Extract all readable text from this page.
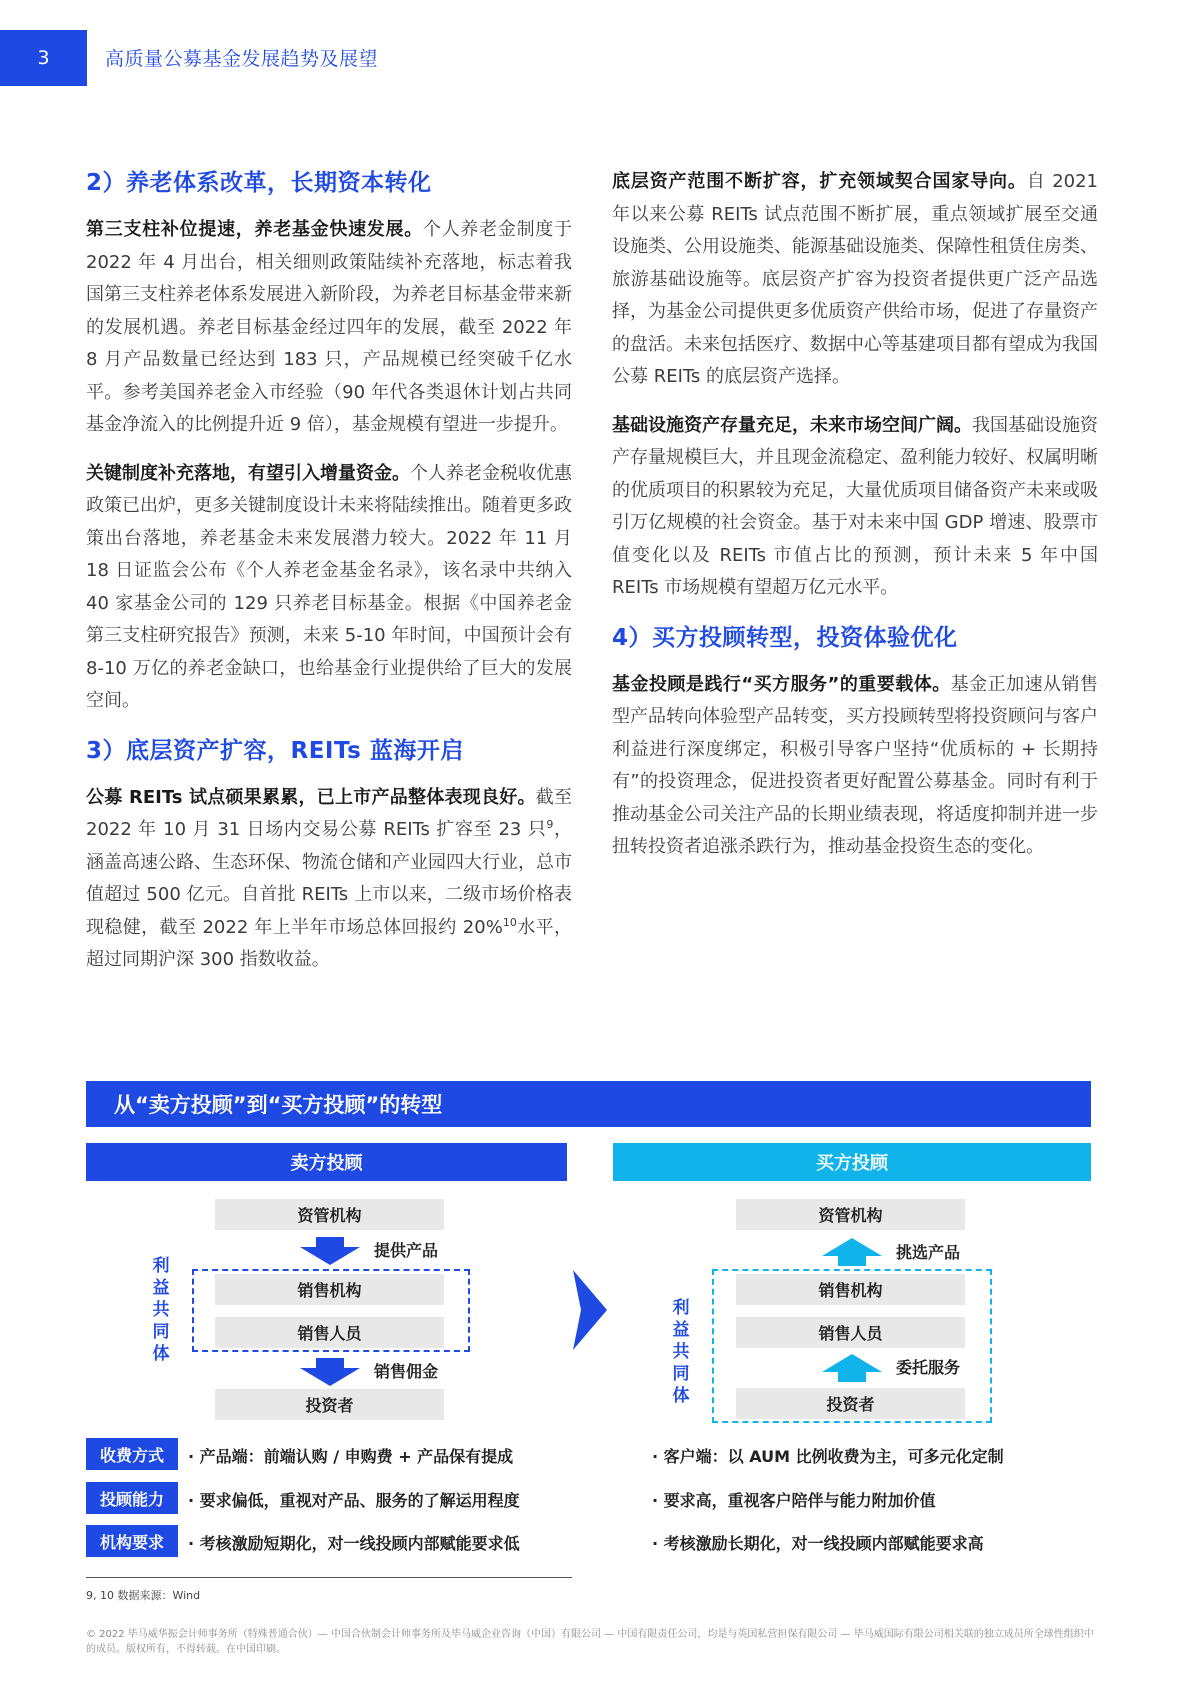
3	高质量公募基金发展趋势及展望
2）养老体系改革，长期资本转化

第三支柱补位提速，养老基金快速发展。个人养老金制度于 2022 年 4 月出台，相关细则政策陆续补充落地，标志着我国第三支柱养老体系发展进入新阶段，为养老目标基金带来新的发展机遇。养老目标基金经过四年的发展，截至 2022 年 8 月产品数量已经达到 183 只，产品规模已经突破千亿水平。参考美国养老金入市经验（90 年代各类退休计划占共同基金净流入的比例提升近 9 倍），基金规模有望进一步提升。

关键制度补充落地，有望引入增量资金。个人养老金税收优惠政策已出炉，更多关键制度设计未来将陆续推出。随着更多政策出台落地，养老基金未来发展潜力较大。2022 年 11 月 18 日证监会公布《个人养老金基金名录》，该名录中共纳入 40 家基金公司的 129 只养老目标基金。根据《中国养老金第三支柱研究报告》预测，未来 5-10 年时间，中国预计会有 8-10 万亿的养老金缺口，也给基金行业提供给了巨大的发展空间。

3）底层资产扩容，REITs 蓝海开启

公募 REITs 试点硕果累累，已上市产品整体表现良好。截至 2022 年 10 月 31 日场内交易公募 REITs 扩容至 23 只$^9$，涵盖高速公路、生态环保、物流仓储和产业园四大行业，总市值超过 500 亿元。自首批 REITs 上市以来，二级市场价格表现稳健，截至 2022 年上半年市场总体回报约 20%$^{10}$水平，超过同期沪深 300 指数收益。

底层资产范围不断扩容，扩充领域契合国家导向。自 2021 年以来公募 REITs 试点范围不断扩展，重点领域扩展至交通设施类、公用设施类、能源基础设施类、保障性租赁住房类、旅游基础设施等。底层资产扩容为投资者提供更广泛产品选择，为基金公司提供更多优质资产供给市场，促进了存量资产的盘活。未来包括医疗、数据中心等基建项目都有望成为我国公募 REITs 的底层资产选择。

基础设施资产存量充足，未来市场空间广阔。我国基础设施资产存量规模巨大，并且现金流稳定、盈利能力较好、权属明晰的优质项目的积累较为充足，大量优质项目储备资产未来或吸引万亿规模的社会资金。基于对未来中国 GDP 增速、股票市值变化以及 REITs 市值占比的预测，预计未来 5 年中国 REITs 市场规模有望超万亿元水平。

4）买方投顾转型，投资体验优化

基金投顾是践行“买方服务”的重要载体。基金正加速从销售型产品转向体验型产品转变，买方投顾转型将投资顾问与客户利益进行深度绑定，积极引导客户坚持“优质标的 + 长期持有”的投资理念，促进投资者更好配置公募基金。同时有利于推动基金公司关注产品的长期业绩表现，将适度抑制并进一步扭转投资者追涨杀跌行为，推动基金投资生态的变化。

从“卖方投顾”到“买方投顾”的转型
卖方投顾
资管机构
提供产品
销售机构
销售人员
利益共同体
销售佣金
投资者
买方投顾
资管机构
挑选产品
销售机构
销售人员
利益共同体
委托服务
投资者
收费方式	· 产品端：前端认购 / 申购费 + 产品保有提成	· 客户端：以 AUM 比例收费为主，可多元化定制
投顾能力	· 要求偏低，重视对产品、服务的了解运用程度	· 要求高，重视客户陪伴与能力附加价值
机构要求	· 考核激励短期化，对一线投顾内部赋能要求低	· 考核激励长期化，对一线投顾内部赋能要求高
9, 10 数据来源：Wind
© 2022 毕马威华振会计师事务所（特殊普通合伙）— 中国合伙制会计师事务所及毕马威企业咨询（中国）有限公司 — 中国有限责任公司，均是与英国私营担保有限公司 — 毕马威国际有限公司相关联的独立成员所全球性组织中的成员。版权所有，不得转载。在中国印刷。
